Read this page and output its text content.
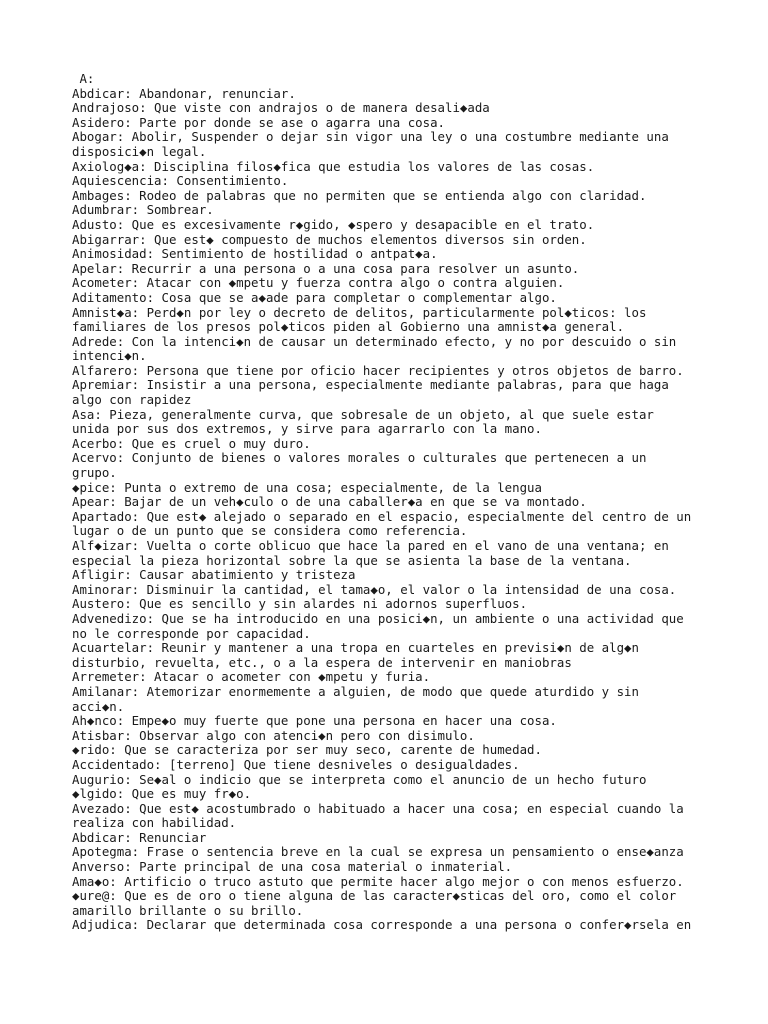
A:
Abdicar: Abandonar, renunciar.
Andrajoso: Que viste con andrajos o de manera desali◆ada
Asidero: Parte por donde se ase o agarra una cosa.
Abogar: Abolir, Suspender o dejar sin vigor una ley o una costumbre mediante una
disposici◆n legal.
Axiolog◆a: Disciplina filos◆fica que estudia los valores de las cosas.
Aquiescencia: Consentimiento.
Ambages: Rodeo de palabras que no permiten que se entienda algo con claridad.
Adumbrar: Sombrear.
Adusto: Que es excesivamente r◆gido, ◆spero y desapacible en el trato.
Abigarrar: Que est◆ compuesto de muchos elementos diversos sin orden.
Animosidad: Sentimiento de hostilidad o antpat◆a.
Apelar: Recurrir a una persona o a una cosa para resolver un asunto.
Acometer: Atacar con ◆mpetu y fuerza contra algo o contra alguien.
Aditamento: Cosa que se a◆ade para completar o complementar algo.
Amnist◆a: Perd◆n por ley o decreto de delitos, particularmente pol◆ticos: los
familiares de los presos pol◆ticos piden al Gobierno una amnist◆a general.
Adrede: Con la intenci◆n de causar un determinado efecto, y no por descuido o sin
intenci◆n.
Alfarero: Persona que tiene por oficio hacer recipientes y otros objetos de barro.
Apremiar: Insistir a una persona, especialmente mediante palabras, para que haga
algo con rapidez
Asa: Pieza, generalmente curva, que sobresale de un objeto, al que suele estar
unida por sus dos extremos, y sirve para agarrarlo con la mano.
Acerbo: Que es cruel o muy duro.
Acervo: Conjunto de bienes o valores morales o culturales que pertenecen a un
grupo.
◆pice: Punta o extremo de una cosa; especialmente, de la lengua
Apear: Bajar de un veh◆culo o de una caballer◆a en que se va montado.
Apartado: Que est◆ alejado o separado en el espacio, especialmente del centro de un
lugar o de un punto que se considera como referencia.
Alf◆izar: Vuelta o corte oblicuo que hace la pared en el vano de una ventana; en
especial la pieza horizontal sobre la que se asienta la base de la ventana.
Afligir: Causar abatimiento y tristeza
Aminorar: Disminuir la cantidad, el tama◆o, el valor o la intensidad de una cosa.
Austero: Que es sencillo y sin alardes ni adornos superfluos.
Advenedizo: Que se ha introducido en una posici◆n, un ambiente o una actividad que
no le corresponde por capacidad.
Acuartelar: Reunir y mantener a una tropa en cuarteles en previsi◆n de alg◆n
disturbio, revuelta, etc., o a la espera de intervenir en maniobras
Arremeter: Atacar o acometer con ◆mpetu y furia.
Amilanar: Atemorizar enormemente a alguien, de modo que quede aturdido y sin
acci◆n.
Ah◆nco: Empe◆o muy fuerte que pone una persona en hacer una cosa.
Atisbar: Observar algo con atenci◆n pero con disimulo.
◆rido: Que se caracteriza por ser muy seco, carente de humedad.
Accidentado: [terreno] Que tiene desniveles o desigualdades.
Augurio: Se◆al o indicio que se interpreta como el anuncio de un hecho futuro
◆lgido: Que es muy fr◆o.
Avezado: Que est◆ acostumbrado o habituado a hacer una cosa; en especial cuando la
realiza con habilidad.
Abdicar: Renunciar
Apotegma: Frase o sentencia breve en la cual se expresa un pensamiento o ense◆anza
Anverso: Parte principal de una cosa material o inmaterial.
Ama◆o: Artificio o truco astuto que permite hacer algo mejor o con menos esfuerzo.
◆ure@: Que es de oro o tiene alguna de las caracter◆sticas del oro, como el color
amarillo brillante o su brillo.
Adjudica: Declarar que determinada cosa corresponde a una persona o confer◆rsela en
